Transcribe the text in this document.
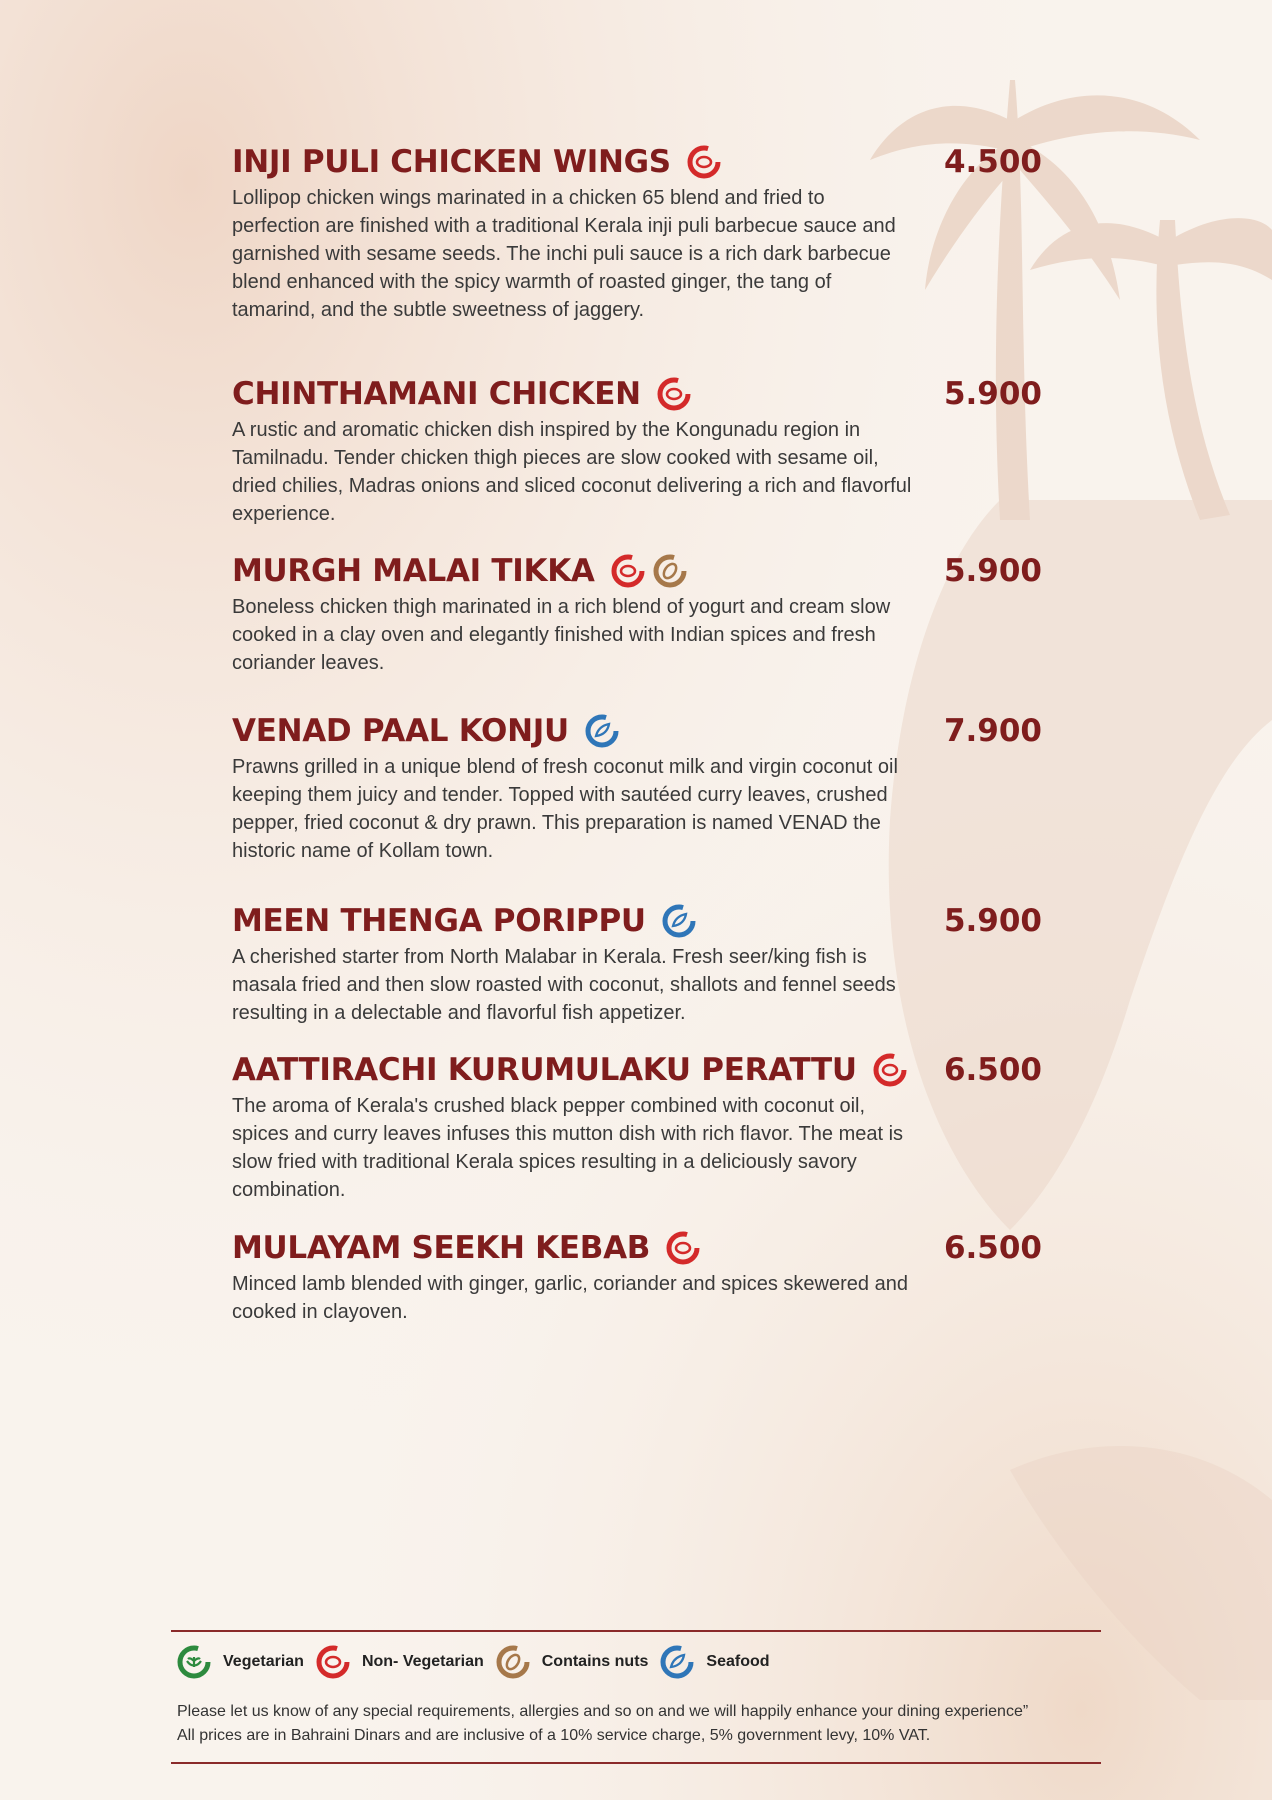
INJI PULI CHICKEN WINGS	4.500
Lollipop chicken wings marinated in a chicken 65 blend and fried to perfection are finished with a traditional Kerala inji puli barbecue sauce and garnished with sesame seeds. The inchi puli sauce is a rich dark barbecue blend enhanced with the spicy warmth of roasted ginger, the tang of tamarind, and the subtle sweetness of jaggery.
CHINTHAMANI CHICKEN	5.900
A rustic and aromatic chicken dish inspired by the Kongunadu region in Tamilnadu. Tender chicken thigh pieces are slow cooked with sesame oil, dried chilies, Madras onions and sliced coconut delivering a rich and flavorful experience.
MURGH MALAI TIKKA	5.900
Boneless chicken thigh marinated in a rich blend of yogurt and cream slow cooked in a clay oven and elegantly finished with Indian spices and fresh coriander leaves.
VENAD PAAL KONJU	7.900
Prawns grilled in a unique blend of fresh coconut milk and virgin coconut oil keeping them juicy and tender. Topped with sautéed curry leaves, crushed pepper, fried coconut & dry prawn. This preparation is named VENAD the historic name of Kollam town.
MEEN THENGA PORIPPU	5.900
A cherished starter from North Malabar in Kerala. Fresh seer/king fish is masala fried and then slow roasted with coconut, shallots and fennel seeds resulting in a delectable and flavorful fish appetizer.
AATTIRACHI KURUMULAKU PERATTU	6.500
The aroma of Kerala's crushed black pepper combined with coconut oil, spices and curry leaves infuses this mutton dish with rich flavor. The meat is slow fried with traditional Kerala spices resulting in a deliciously savory combination.
MULAYAM SEEKH KEBAB	6.500
Minced lamb blended with ginger, garlic, coriander and spices skewered and cooked in clayoven.
Vegetarian	Non- Vegetarian	Contains nuts	Seafood
Please let us know of any special requirements, allergies and so on and we will happily enhance your dining experience”
All prices are in Bahraini Dinars and are inclusive of a 10% service charge, 5% government levy, 10% VAT.
